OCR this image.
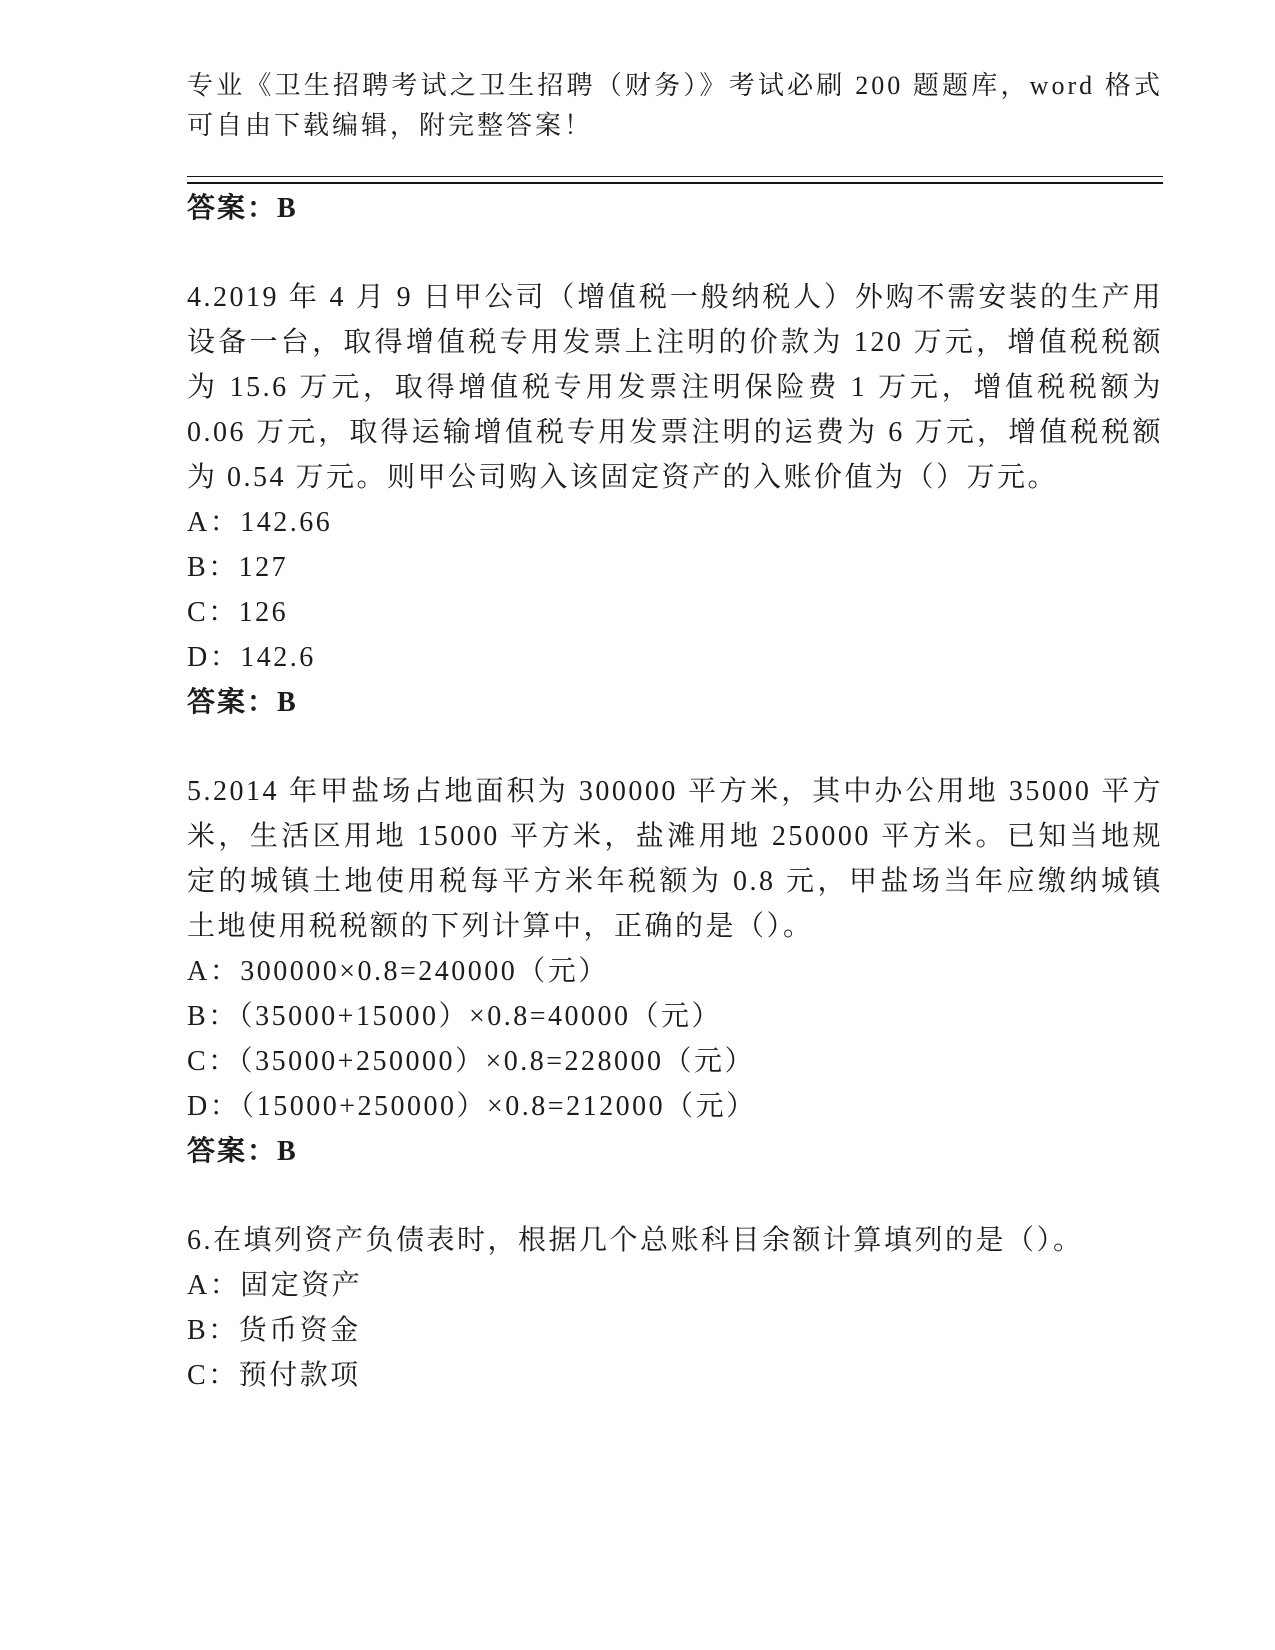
专业《卫生招聘考试之卫生招聘（财务）》考试必刷 200 题题库，word 格式可自由下载编辑，附完整答案！

答案：B

4.2019 年 4 月 9 日甲公司（增值税一般纳税人）外购不需安装的生产用设备一台，取得增值税专用发票上注明的价款为 120 万元，增值税税额为 15.6 万元，取得增值税专用发票注明保险费 1 万元，增值税税额为 0.06 万元，取得运输增值税专用发票注明的运费为 6 万元，增值税税额为 0.54 万元。则甲公司购入该固定资产的入账价值为（）万元。

A：142.66

B：127

C：126

D：142.6

答案：B

5.2014 年甲盐场占地面积为 300000 平方米，其中办公用地 35000 平方米，生活区用地 15000 平方米，盐滩用地 250000 平方米。已知当地规定的城镇土地使用税每平方米年税额为 0.8 元，甲盐场当年应缴纳城镇土地使用税税额的下列计算中，正确的是（）。

A：300000×0.8=240000（元）

B：（35000+15000）×0.8=40000（元）

C：（35000+250000）×0.8=228000（元）

D：（15000+250000）×0.8=212000（元）

答案：B

6.在填列资产负债表时，根据几个总账科目余额计算填列的是（）。

A：固定资产

B：货币资金

C：预付款项
